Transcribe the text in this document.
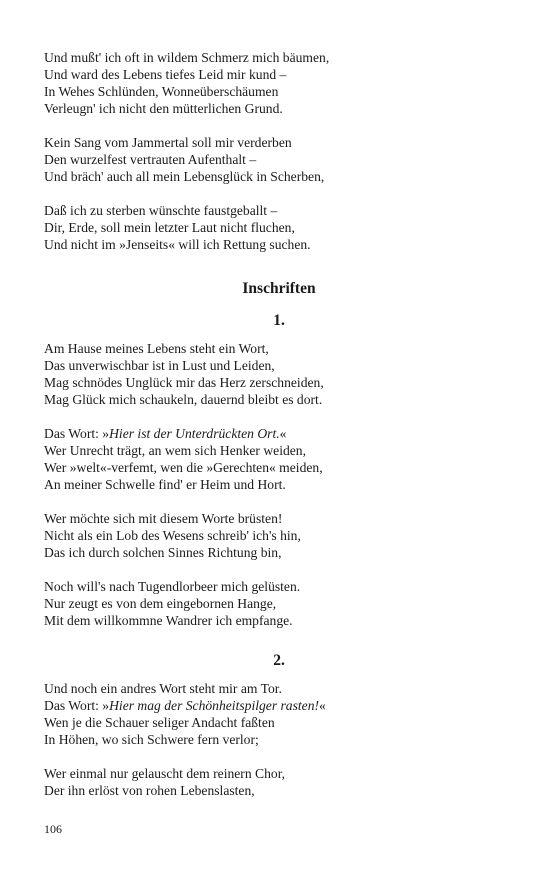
Und mußt' ich oft in wildem Schmerz mich bäumen,
Und ward des Lebens tiefes Leid mir kund –
In Wehes Schlünden, Wonneüberschäumen
Verleugn' ich nicht den mütterlichen Grund.
Kein Sang vom Jammertal soll mir verderben
Den wurzelfest vertrauten Aufenthalt –
Und bräch' auch all mein Lebensglück in Scherben,
Daß ich zu sterben wünschte faustgeballt –
Dir, Erde, soll mein letzter Laut nicht fluchen,
Und nicht im »Jenseits« will ich Rettung suchen.
Inschriften
1.
Am Hause meines Lebens steht ein Wort,
Das unverwischbar ist in Lust und Leiden,
Mag schnödes Unglück mir das Herz zerschneiden,
Mag Glück mich schaukeln, dauernd bleibt es dort.
Das Wort: »Hier ist der Unterdrückten Ort.«
Wer Unrecht trägt, an wem sich Henker weiden,
Wer »welt«-verfemt, wen die »Gerechten« meiden,
An meiner Schwelle find' er Heim und Hort.
Wer möchte sich mit diesem Worte brüsten!
Nicht als ein Lob des Wesens schreib' ich's hin,
Das ich durch solchen Sinnes Richtung bin,
Noch will's nach Tugendlorbeer mich gelüsten.
Nur zeugt es von dem eingebornen Hange,
Mit dem willkommne Wandrer ich empfange.
2.
Und noch ein andres Wort steht mir am Tor.
Das Wort: »Hier mag der Schönheitspilger rasten!«
Wen je die Schauer seliger Andacht faßten
In Höhen, wo sich Schwere fern verlor;
Wer einmal nur gelauscht dem reinern Chor,
Der ihn erlöst von rohen Lebenslasten,
106
